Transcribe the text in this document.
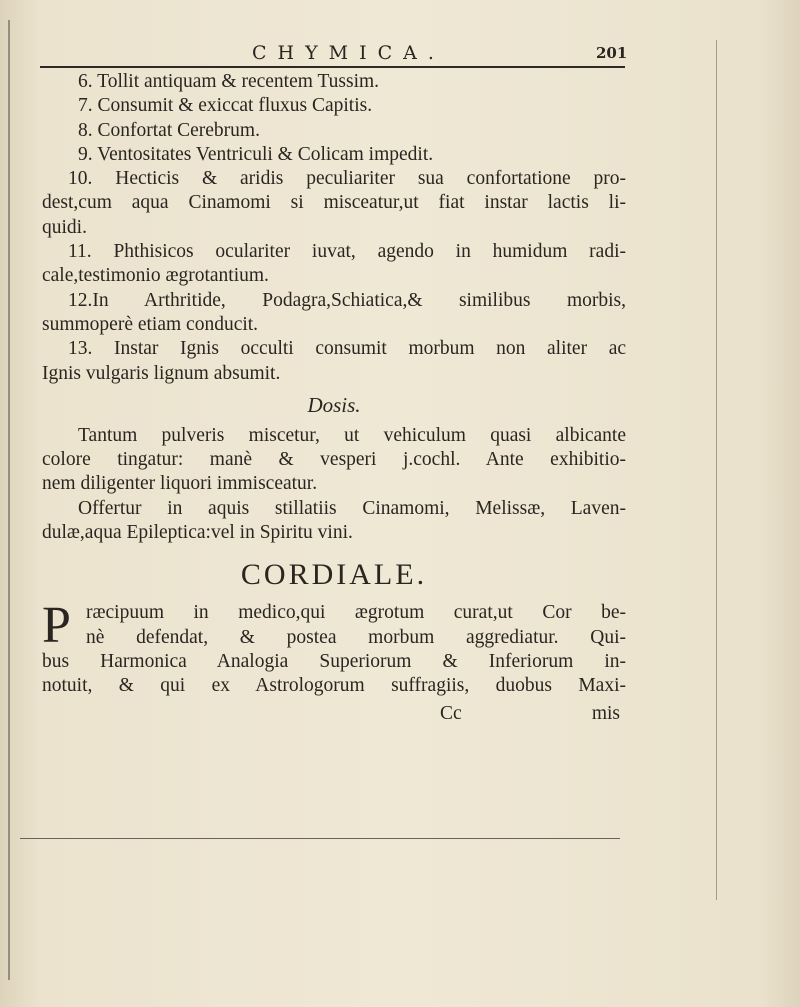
CHYMICA.	201
6. Tollit antiquam & recentem Tussim.
7. Consumit & exiccat fluxus Capitis.
8. Confortat Cerebrum.
9. Ventositates Ventriculi & Colicam impedit.
10. Hecticis & aridis peculiariter sua confortatione pro-
dest,cum aqua Cinamomi si misceatur,ut fiat instar lactis li-
quidi.
11. Phthisicos oculariter iuvat, agendo in humidum radi-
cale,testimonio ægrotantium.
12.In Arthritide, Podagra,Schiatica,& similibus morbis,
summoperè etiam conducit.
13. Instar Ignis occulti consumit morbum non aliter ac
Ignis vulgaris lignum absumit.
Dosis.
Tantum pulveris miscetur, ut vehiculum quasi albicante
colore tingatur: manè & vesperi j.cochl. Ante exhibitio-
nem diligenter liquori immisceatur.
Offertur in aquis stillatiis Cinamomi, Melissæ, Laven-
dulæ,aqua Epileptica:vel in Spiritu vini.
CORDIALE.
P ræcipuum in medico,qui ægrotum curat,ut Cor be-
nè defendat, & postea morbum aggrediatur. Qui-
bus Harmonica Analogia Superiorum & Inferiorum in-
notuit, & qui ex Astrologorum suffragiis, duobus Maxi-
Cc	mis
